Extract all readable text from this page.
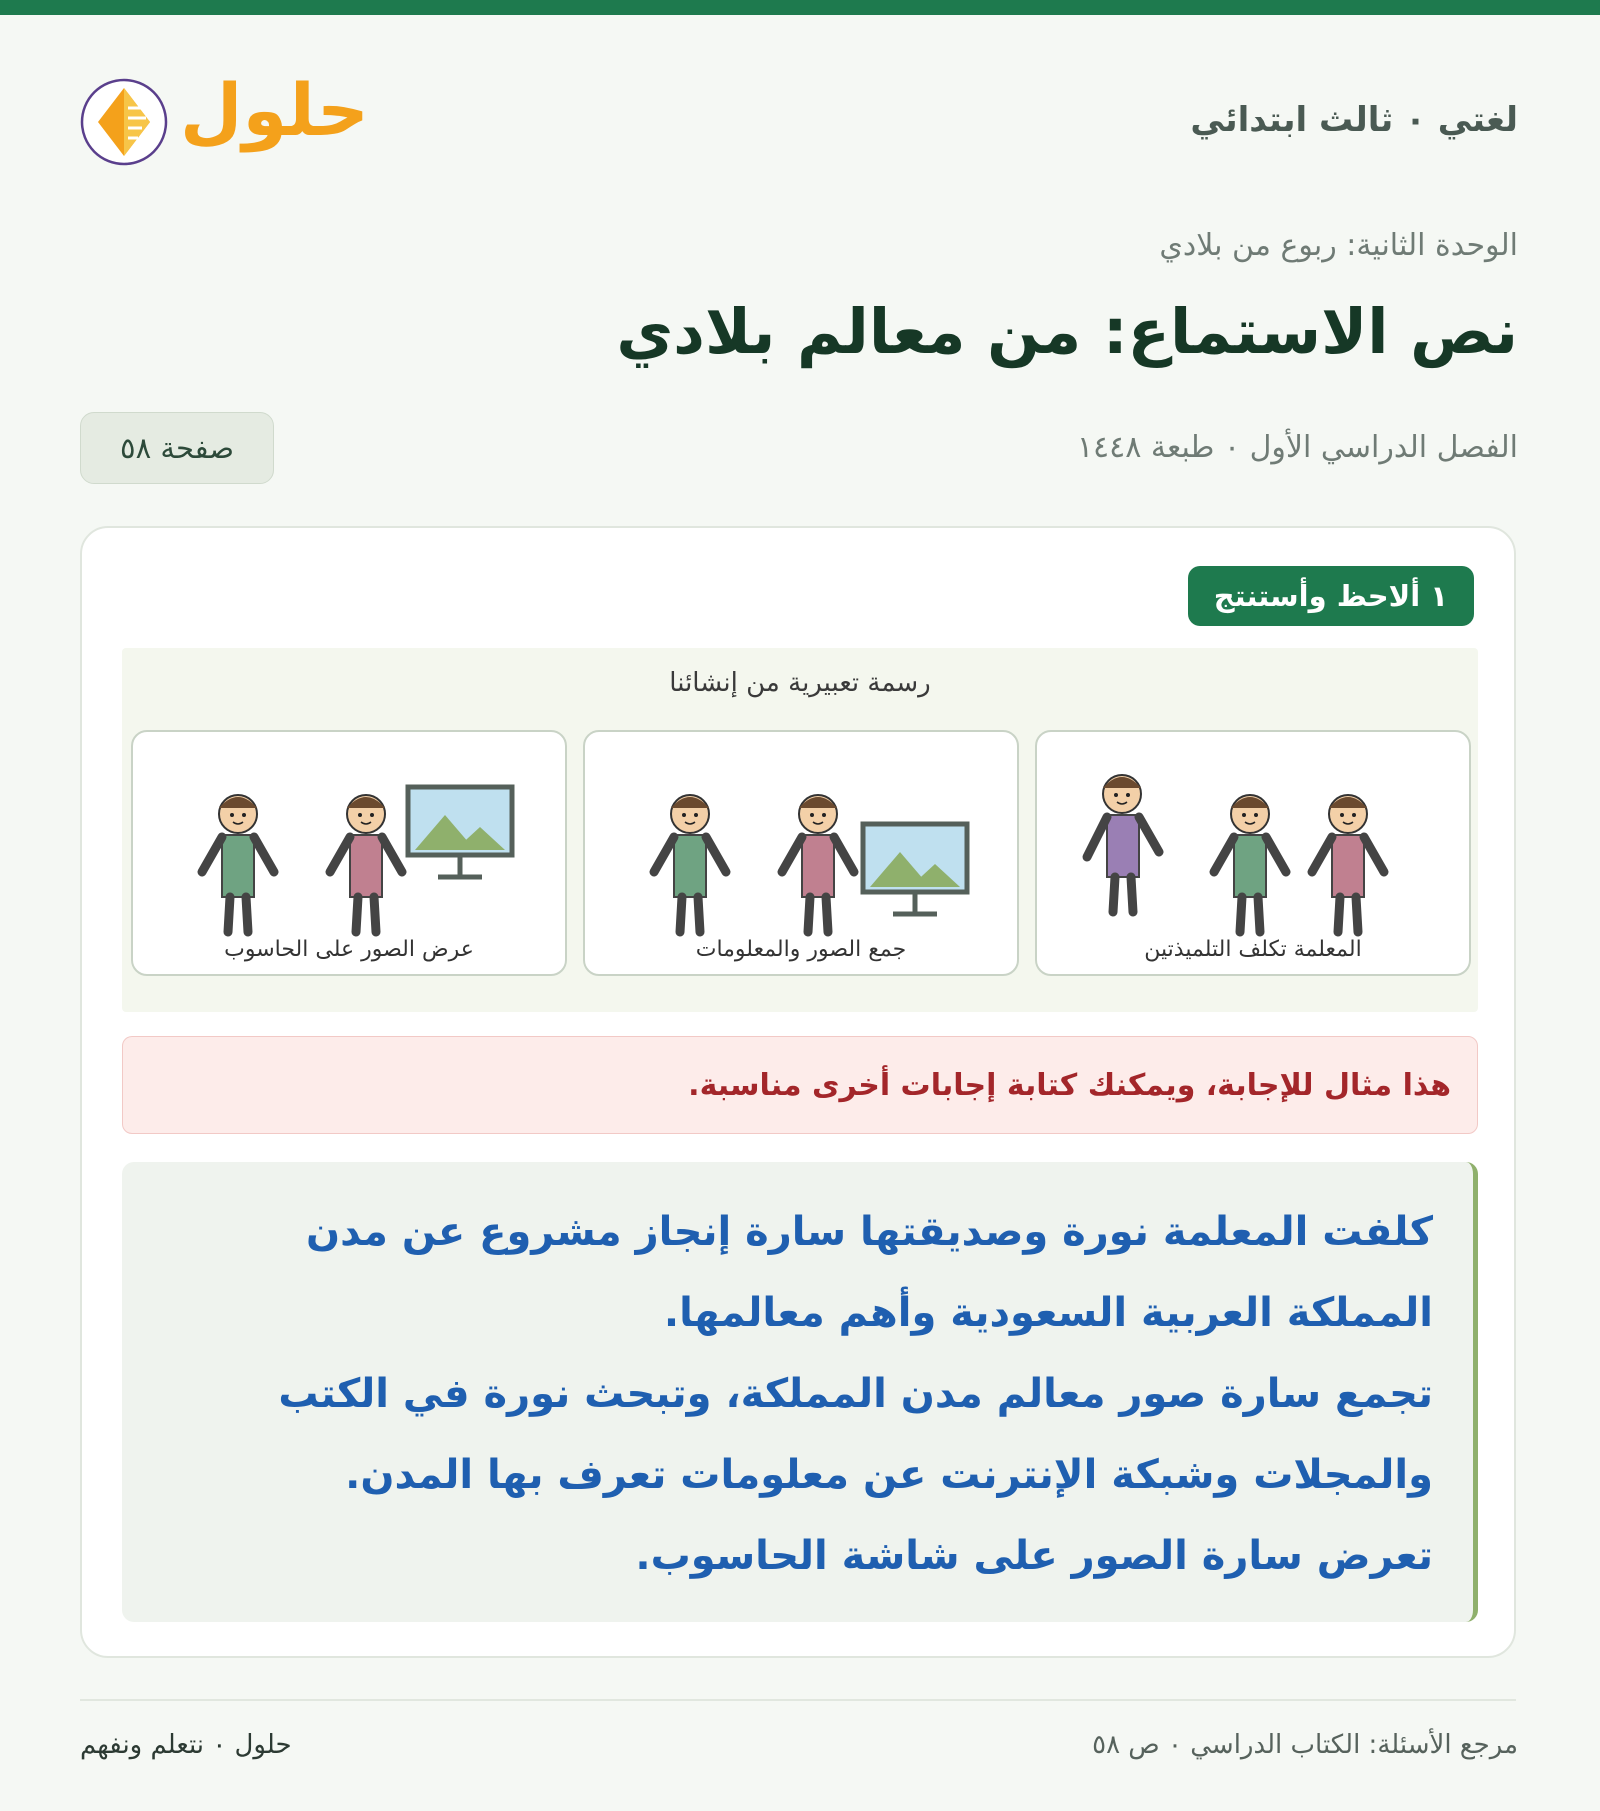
لغتي ٠ ثالث ابتدائي
حلول
الوحدة الثانية: ربوع من بلادي
نص الاستماع: من معالم بلادي
الفصل الدراسي الأول ٠ طبعة ١٤٤٨
صفحة ٥٨
١ ألاحظ وأستنتج
رسمة تعبيرية من إنشائنا
المعلمة تكلف التلميذتين
جمع الصور والمعلومات
عرض الصور على الحاسوب
هذا مثال للإجابة، ويمكنك كتابة إجابات أخرى مناسبة.

كلفت المعلمة نورة وصديقتها سارة إنجاز مشروع عن مدن

المملكة العربية السعودية وأهم معالمها.

تجمع سارة صور معالم مدن المملكة، وتبحث نورة في الكتب

والمجلات وشبكة الإنترنت عن معلومات تعرف بها المدن.

تعرض سارة الصور على شاشة الحاسوب.

مرجع الأسئلة: الكتاب الدراسي ٠ ص ٥٨
حلول ٠ نتعلم ونفهم
